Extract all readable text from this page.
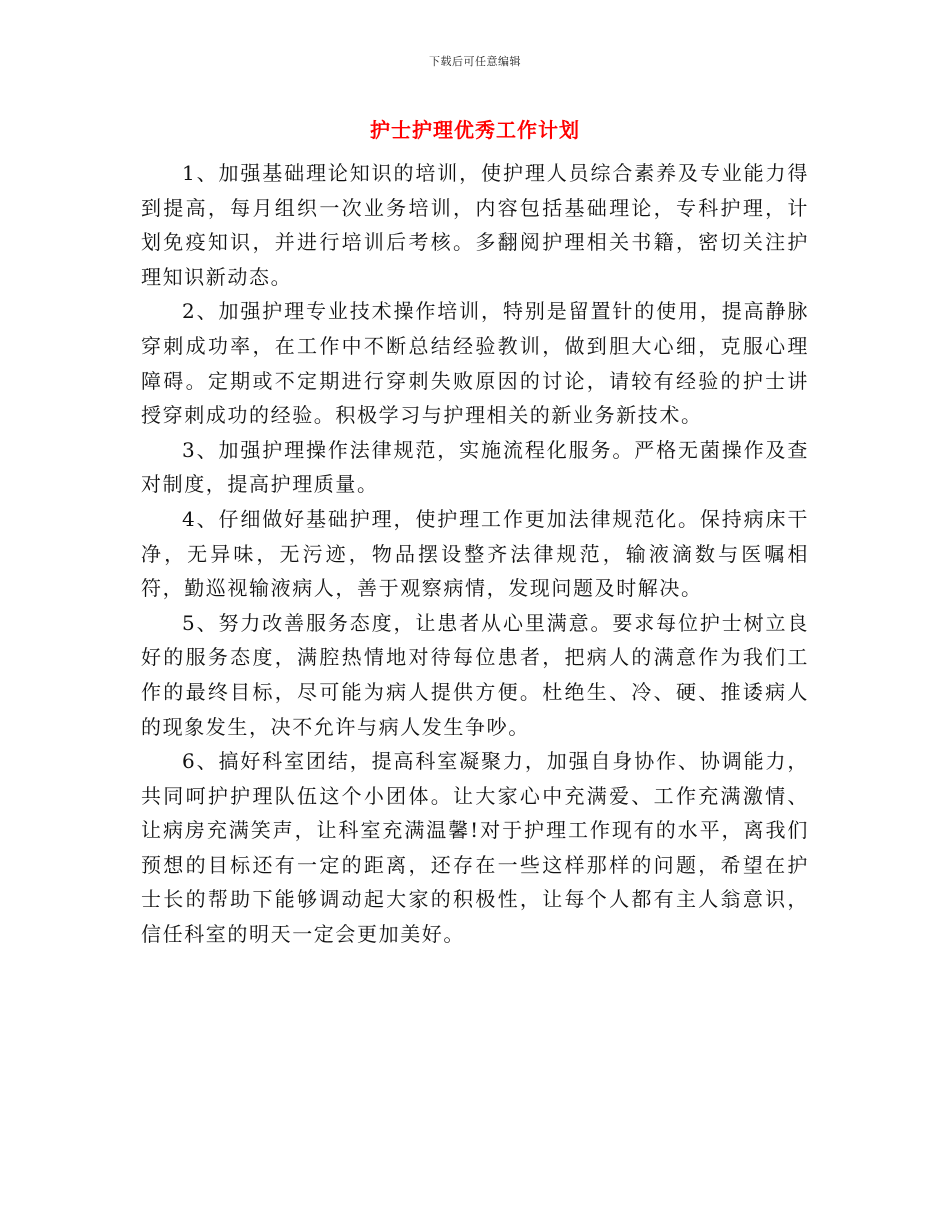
下载后可任意编辑
护士护理优秀工作计划

1、加强基础理论知识的培训，使护理人员综合素养及专业能力得到提高，每月组织一次业务培训，内容包括基础理论，专科护理，计划免疫知识，并进行培训后考核。多翻阅护理相关书籍，密切关注护理知识新动态。

2、加强护理专业技术操作培训，特别是留置针的使用，提高静脉穿刺成功率，在工作中不断总结经验教训，做到胆大心细，克服心理障碍。定期或不定期进行穿刺失败原因的讨论，请较有经验的护士讲授穿刺成功的经验。积极学习与护理相关的新业务新技术。

3、加强护理操作法律规范，实施流程化服务。严格无菌操作及查对制度，提高护理质量。

4、仔细做好基础护理，使护理工作更加法律规范化。保持病床干净，无异味，无污迹，物品摆设整齐法律规范，输液滴数与医嘱相符，勤巡视输液病人，善于观察病情，发现问题及时解决。

5、努力改善服务态度，让患者从心里满意。要求每位护士树立良好的服务态度，满腔热情地对待每位患者，把病人的满意作为我们工作的最终目标，尽可能为病人提供方便。杜绝生、冷、硬、推诿病人的现象发生，决不允许与病人发生争吵。

6、搞好科室团结，提高科室凝聚力，加强自身协作、协调能力，共同呵护护理队伍这个小团体。让大家心中充满爱、工作充满激情、让病房充满笑声，让科室充满温馨!对于护理工作现有的水平，离我们预想的目标还有一定的距离，还存在一些这样那样的问题，希望在护士长的帮助下能够调动起大家的积极性，让每个人都有主人翁意识，信任科室的明天一定会更加美好。
